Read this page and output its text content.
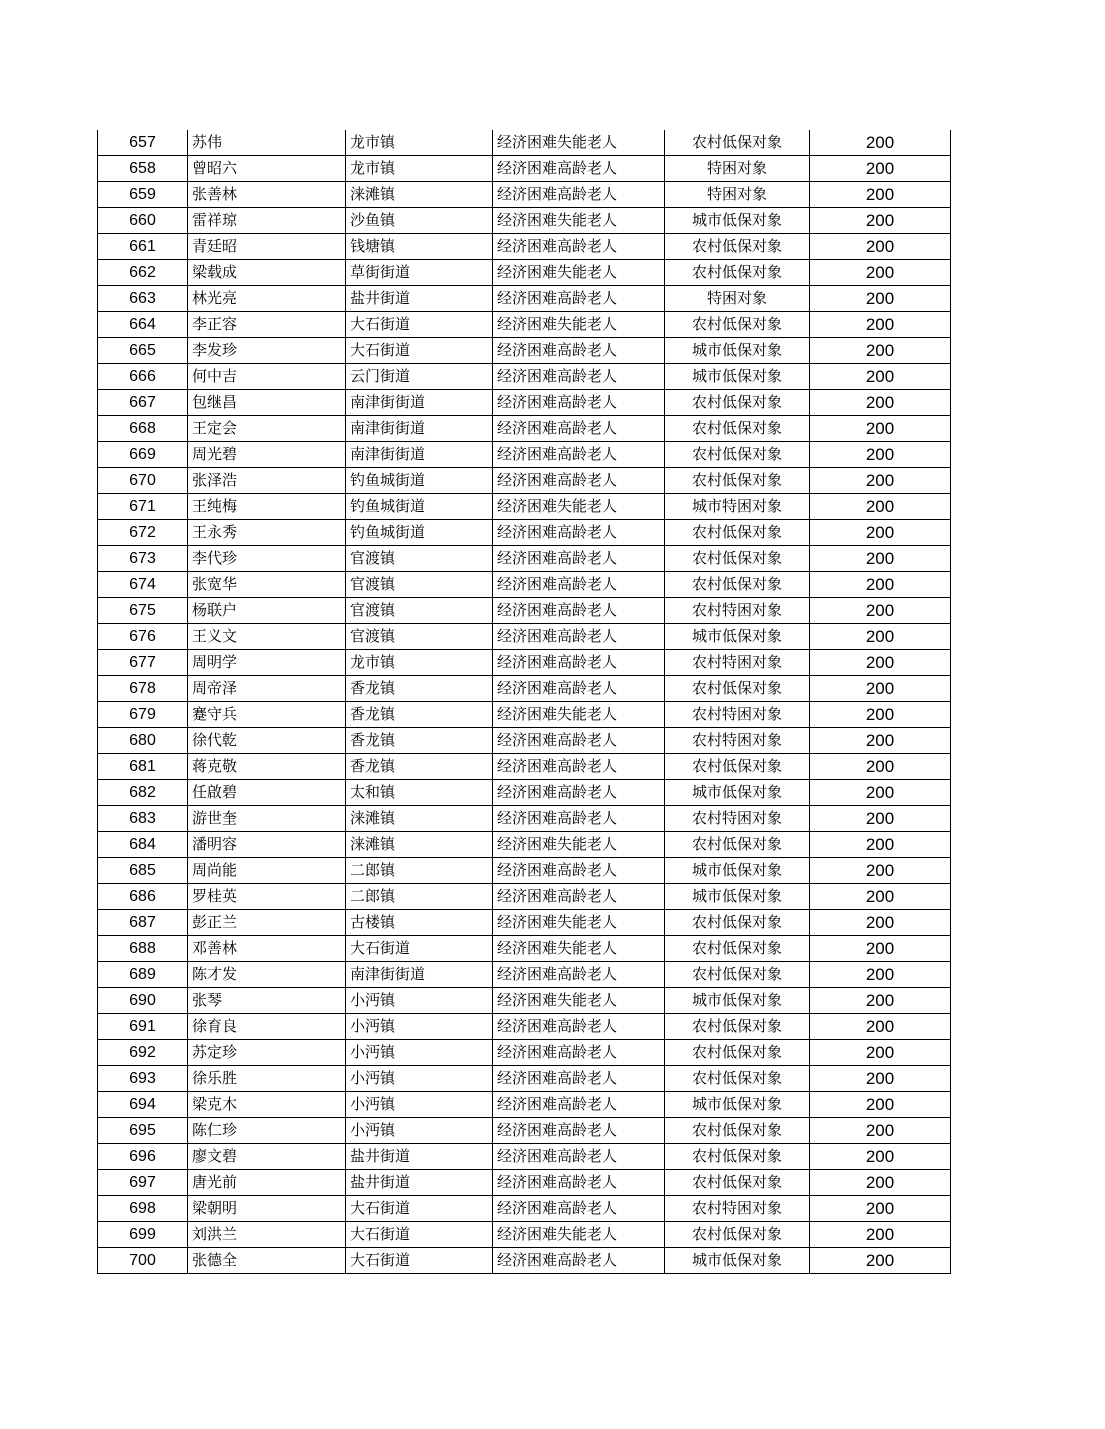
657	苏伟	龙市镇	经济困难失能老人	农村低保对象	200
658	曾昭六	龙市镇	经济困难高龄老人	特困对象	200
659	张善林	涞滩镇	经济困难高龄老人	特困对象	200
660	雷祥琼	沙鱼镇	经济困难失能老人	城市低保对象	200
661	青廷昭	钱塘镇	经济困难高龄老人	农村低保对象	200
662	梁载成	草街街道	经济困难失能老人	农村低保对象	200
663	林光亮	盐井街道	经济困难高龄老人	特困对象	200
664	李正容	大石街道	经济困难失能老人	农村低保对象	200
665	李发珍	大石街道	经济困难高龄老人	城市低保对象	200
666	何中吉	云门街道	经济困难高龄老人	城市低保对象	200
667	包继昌	南津街街道	经济困难高龄老人	农村低保对象	200
668	王定会	南津街街道	经济困难高龄老人	农村低保对象	200
669	周光碧	南津街街道	经济困难高龄老人	农村低保对象	200
670	张泽浩	钓鱼城街道	经济困难高龄老人	农村低保对象	200
671	王纯梅	钓鱼城街道	经济困难失能老人	城市特困对象	200
672	王永秀	钓鱼城街道	经济困难高龄老人	农村低保对象	200
673	李代珍	官渡镇	经济困难高龄老人	农村低保对象	200
674	张宽华	官渡镇	经济困难高龄老人	农村低保对象	200
675	杨联户	官渡镇	经济困难高龄老人	农村特困对象	200
676	王义文	官渡镇	经济困难高龄老人	城市低保对象	200
677	周明学	龙市镇	经济困难高龄老人	农村特困对象	200
678	周帝泽	香龙镇	经济困难高龄老人	农村低保对象	200
679	蹇守兵	香龙镇	经济困难失能老人	农村特困对象	200
680	徐代乾	香龙镇	经济困难高龄老人	农村特困对象	200
681	蒋克敬	香龙镇	经济困难高龄老人	农村低保对象	200
682	任啟碧	太和镇	经济困难高龄老人	城市低保对象	200
683	游世奎	涞滩镇	经济困难高龄老人	农村特困对象	200
684	潘明容	涞滩镇	经济困难失能老人	农村低保对象	200
685	周尚能	二郎镇	经济困难高龄老人	城市低保对象	200
686	罗桂英	二郎镇	经济困难高龄老人	城市低保对象	200
687	彭正兰	古楼镇	经济困难失能老人	农村低保对象	200
688	邓善林	大石街道	经济困难失能老人	农村低保对象	200
689	陈才发	南津街街道	经济困难高龄老人	农村低保对象	200
690	张琴	小沔镇	经济困难失能老人	城市低保对象	200
691	徐育良	小沔镇	经济困难高龄老人	农村低保对象	200
692	苏定珍	小沔镇	经济困难高龄老人	农村低保对象	200
693	徐乐胜	小沔镇	经济困难高龄老人	农村低保对象	200
694	梁克木	小沔镇	经济困难高龄老人	城市低保对象	200
695	陈仁珍	小沔镇	经济困难高龄老人	农村低保对象	200
696	廖文碧	盐井街道	经济困难高龄老人	农村低保对象	200
697	唐光前	盐井街道	经济困难高龄老人	农村低保对象	200
698	梁朝明	大石街道	经济困难高龄老人	农村特困对象	200
699	刘洪兰	大石街道	经济困难失能老人	农村低保对象	200
700	张德全	大石街道	经济困难高龄老人	城市低保对象	200
